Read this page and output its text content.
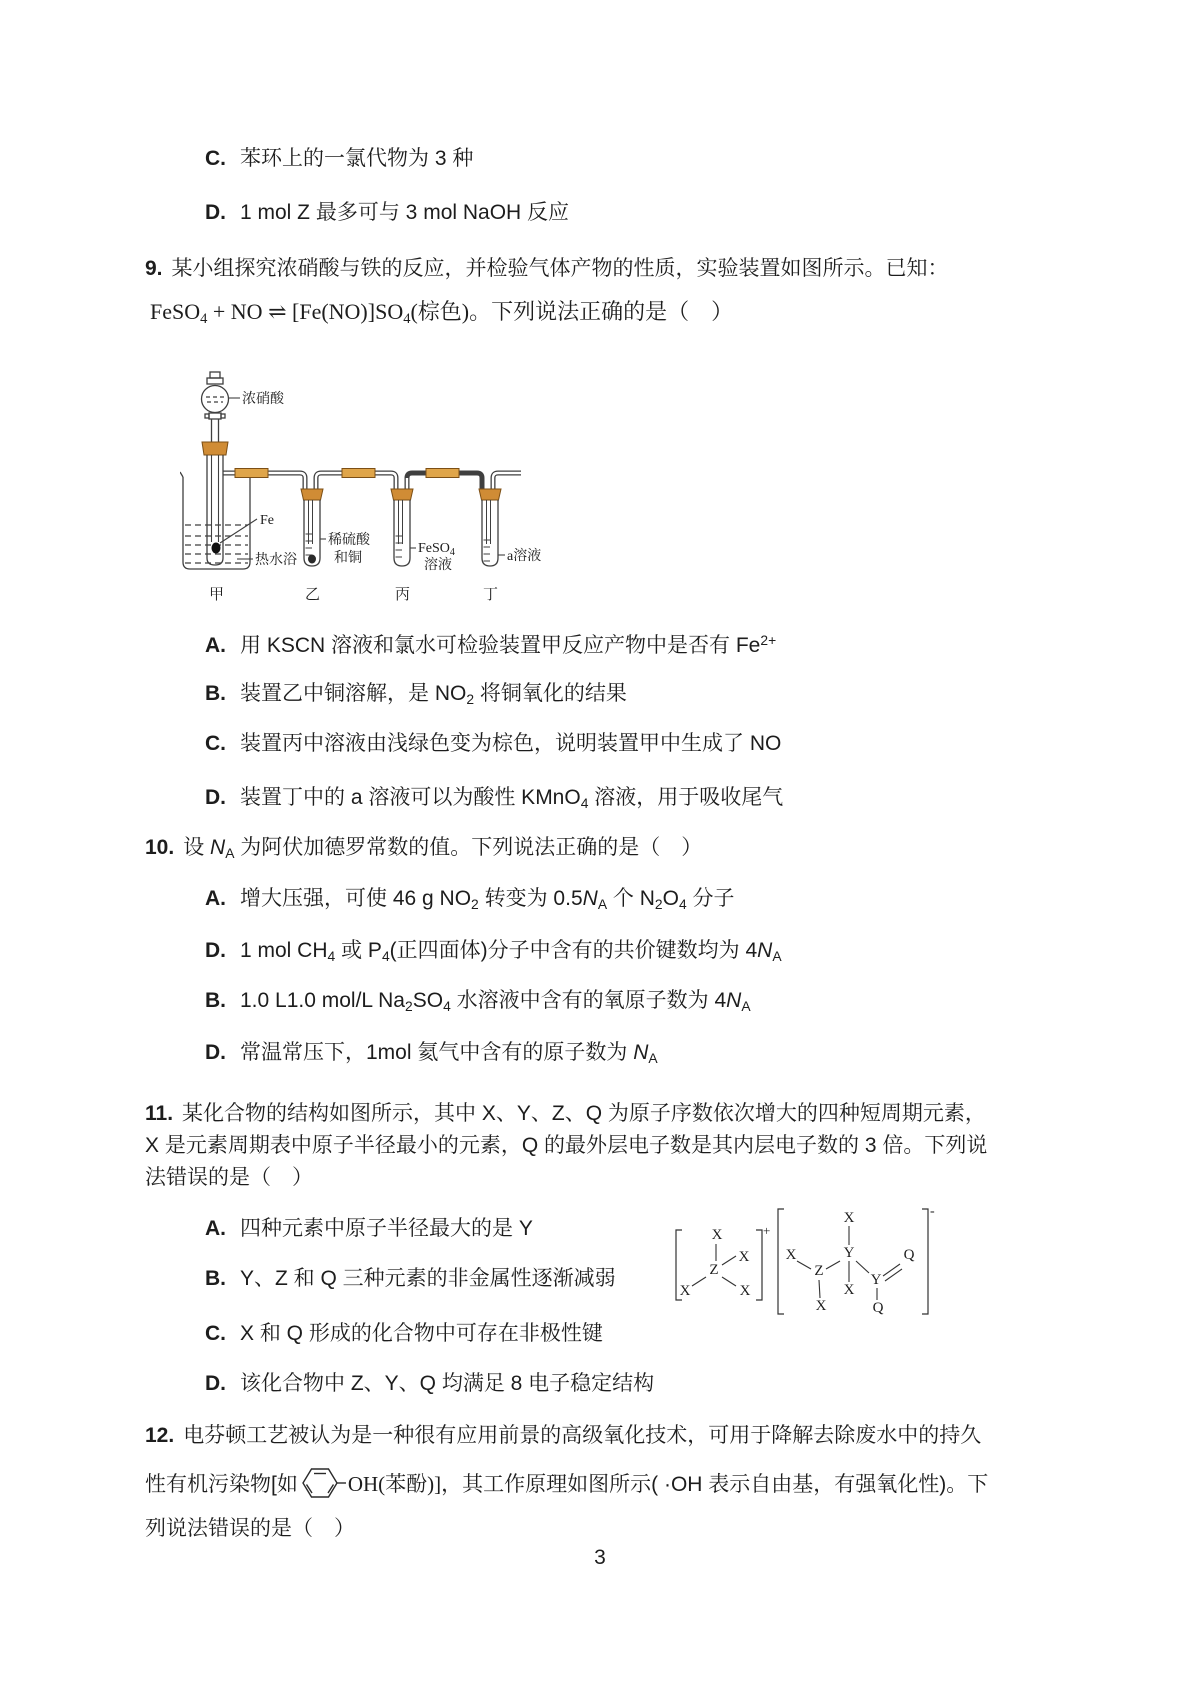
C. 苯环上的一氯代物为 3 种
D. 1 mol Z 最多可与 3 mol NaOH 反应
9. 某小组探究浓硝酸与铁的反应，并检验气体产物的性质，实验装置如图所示。已知：
FeSO$_4$ + NO ⇌ $[Fe(NO)]SO_4$(棕色)。下列说法正确的是（　）
浓硝酸
Fe
热水浴
稀硫酸
和铜
FeSO$_4$
溶液
a溶液
甲	乙	丙	丁
A. 用 KSCN 溶液和氯水可检验装置甲反应产物中是否有 $Fe^{2+}$
B. 装置乙中铜溶解，是 $NO_2$ 将铜氧化的结果
C. 装置丙中溶液由浅绿色变为棕色，说明装置甲中生成了 NO
D. 装置丁中的 a 溶液可以为酸性 KMnO$_4$ 溶液，用于吸收尾气
10. 设 $N_A$ 为阿伏加德罗常数的值。下列说法正确的是（　）
A. 增大压强，可使 46 g $NO_2$ 转变为 $0.5N_A$ 个 $N_2O_4$ 分子
D. 1 mol $CH_4$ 或 $P_4$(正四面体)分子中含有的共价键数均为 $4N_A$
B. 1.0 L1.0 mol/L $Na_2SO_4$ 水溶液中含有的氧原子数为 $4N_A$
D. 常温常压下，1mol 氦气中含有的原子数为 $N_A$
11. 某化合物的结构如图所示，其中 X、Y、Z、Q 为原子序数依次增大的四种短周期元素，
X 是元素周期表中原子半径最小的元素，Q 的最外层电子数是其内层电子数的 3 倍。下列说
法错误的是（　）
A. 四种元素中原子半径最大的是 Y
B. Y、Z 和 Q 三种元素的非金属性逐渐减弱
C. X 和 Q 形成的化合物中可存在非极性键
D. 该化合物中 Z、Y、Q 均满足 8 电子稳定结构
+
X
Z
X
X	X
-
X
Z
X
Y
X
X
Y
Q
Q
12. 电芬顿工艺被认为是一种很有应用前景的高级氧化技术，可用于降解去除废水中的持久
性有机污染物[如 OH(苯酚)] ，其工作原理如图所示( ·OH 表示自由基，有强氧化性)。下
列说法错误的是（　）
3
